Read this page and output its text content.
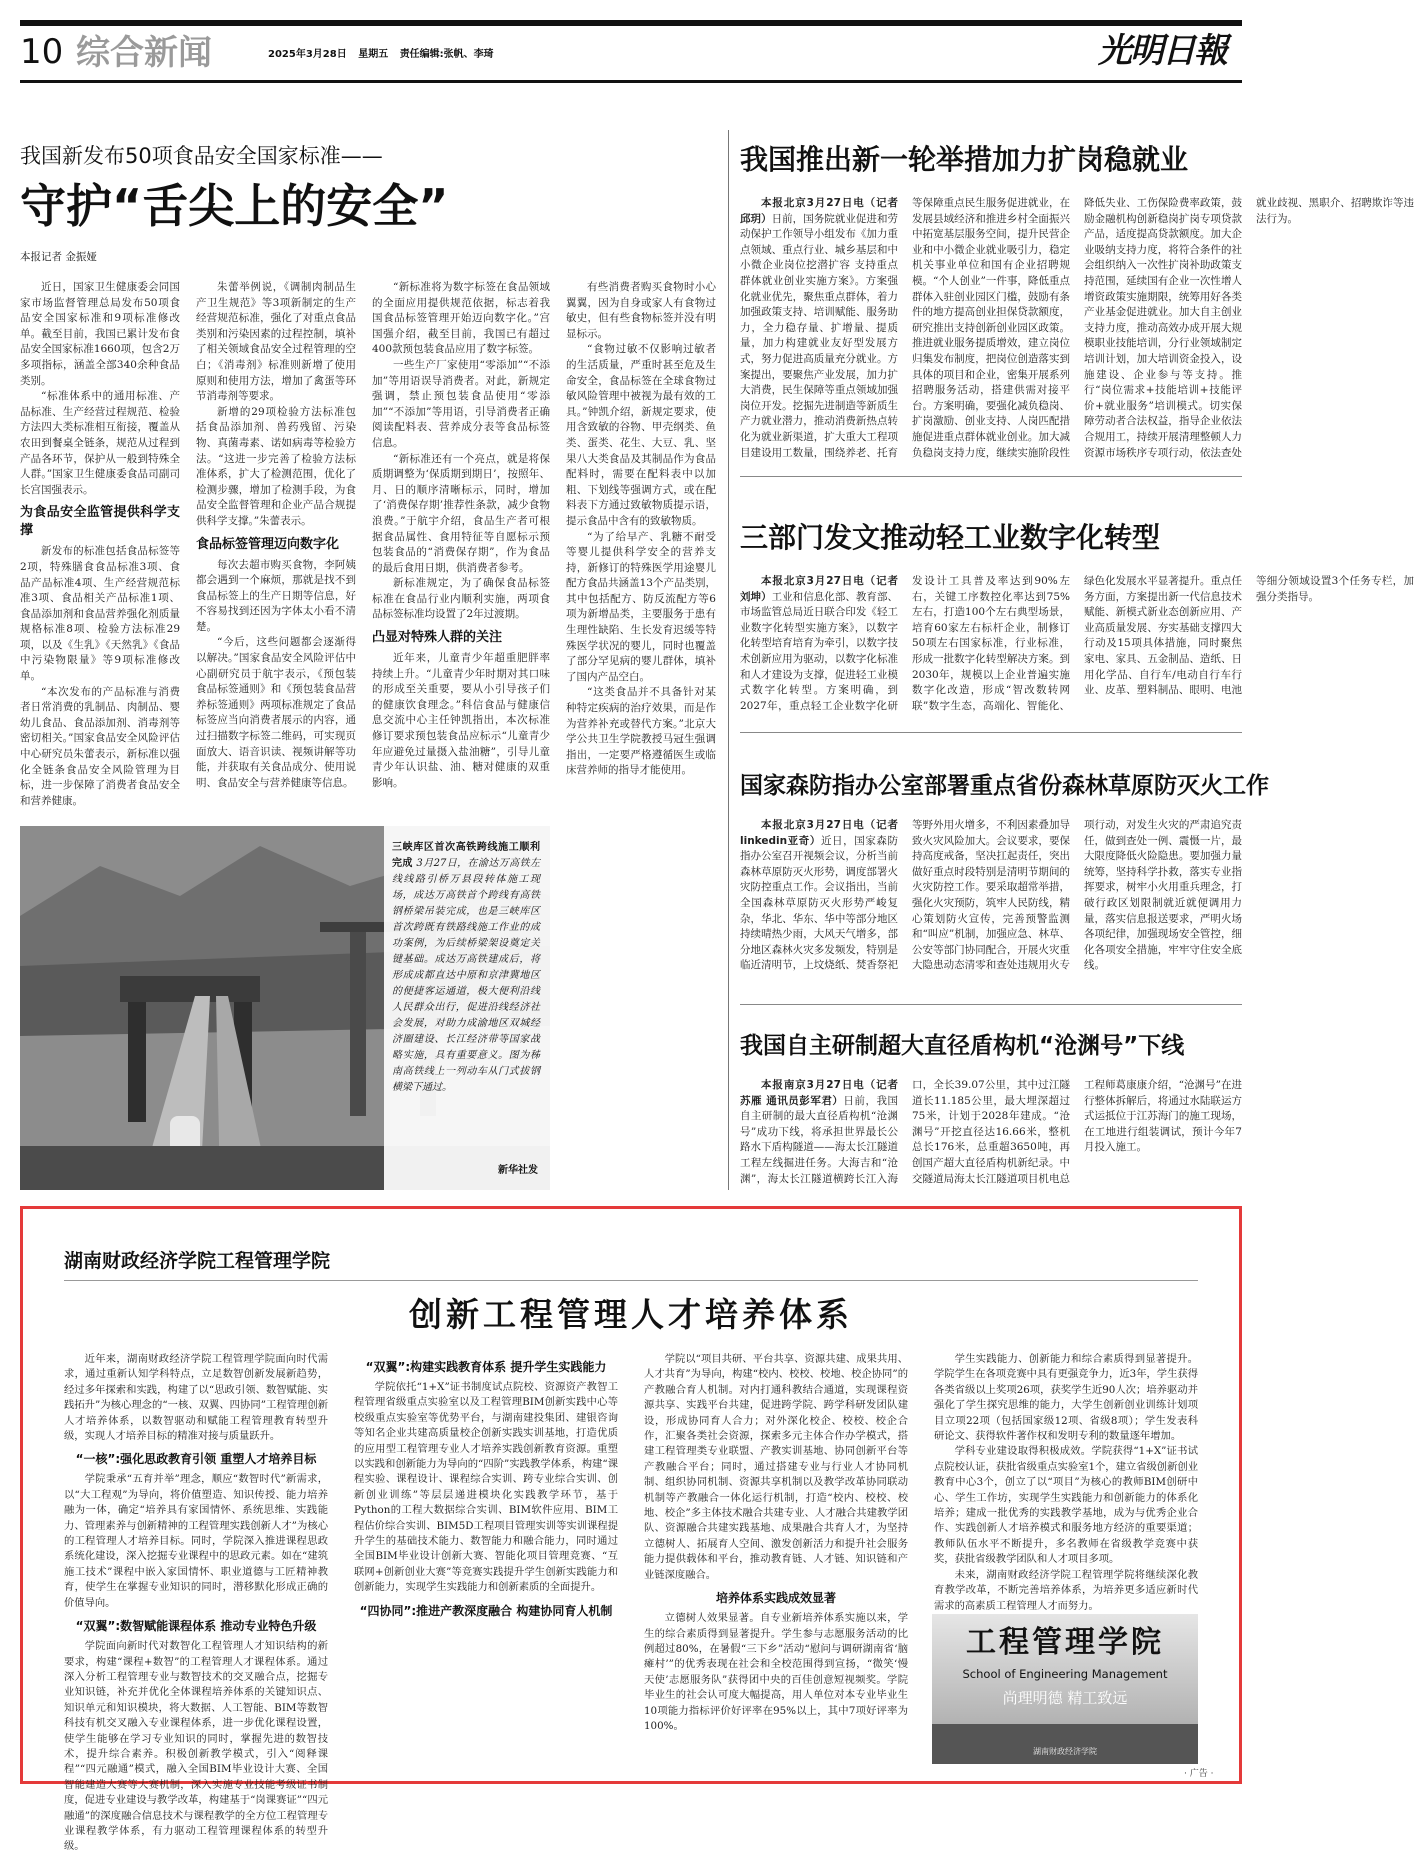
10 综合新闻	2025年3月28日 星期五 责任编辑:张帆、李琦	光明日報
我国新发布50项食品安全国家标准——
守护“舌尖上的安全”
本报记者 金振娅

近日，国家卫生健康委会同国家市场监督管理总局发布50项食品安全国家标准和9项标准修改单。截至目前，我国已累计发布食品安全国家标准1660项，包含2万多项指标，涵盖全部340余种食品类别。

“标准体系中的通用标准、产品标准、生产经营过程规范、检验方法四大类标准相互衔接，覆盖从农田到餐桌全链条，规范从过程到产品各环节，保护从一般到特殊全人群。”国家卫生健康委食品司副司长宫国强表示。

为食品安全监管提供科学支撑

新发布的标准包括食品标签等2项，特殊膳食食品标准3项、食品产品标准4项、生产经营规范标准3项、食品相关产品标准1项、食品添加剂和食品营养强化剂质量规格标准8项、检验方法标准29项，以及《生乳》《天然乳》《食品中污染物限量》等9项标准修改单。

“本次发布的产品标准与消费者日常消费的乳制品、肉制品、婴幼儿食品、食品添加剂、消毒剂等密切相关。”国家食品安全风险评估中心研究员朱蕾表示，新标准以强化全链条食品安全风险管理为目标，进一步保障了消费者食品安全和营养健康。

朱蕾举例说，《调制肉制品生产卫生规范》等3项新制定的生产经营规范标准，强化了对重点食品类别和污染因素的过程控制，填补了相关领域食品安全过程管理的空白；《消毒剂》标准则新增了使用原则和使用方法，增加了禽蛋等环节消毒剂等要求。

新增的29项检验方法标准包括食品添加剂、兽药残留、污染物、真菌毒素、诺如病毒等检验方法。“这进一步完善了检验方法标准体系，扩大了检测范围，优化了检测步骤，增加了检测手段，为食品安全监督管理和企业产品合规提供科学支撑。”朱蕾表示。

食品标签管理迈向数字化

每次去超市购买食物，李阿姨都会遇到一个麻烦，那就是找不到食品标签上的生产日期等信息，好不容易找到还因为字体太小看不清楚。

“今后，这些问题都会逐渐得以解决。”国家食品安全风险评估中心副研究员于航宇表示，《预包装食品标签通则》和《预包装食品营养标签通则》两项标准规定了食品标签应当向消费者展示的内容，通过扫描数字标签二维码，可实现页面放大、语音识读、视频讲解等功能，并获取有关食品成分、使用说明、食品安全与营养健康等信息。

“新标准将为数字标签在食品领域的全面应用提供规范依据，标志着我国食品标签管理开始迈向数字化。”宫国强介绍，截至目前，我国已有超过400款预包装食品应用了数字标签。

一些生产厂家使用“零添加”“不添加”等用语误导消费者。对此，新规定强调，禁止预包装食品使用“零添加”“不添加”等用语，引导消费者正确阅读配料表、营养成分表等食品标签信息。

“新标准还有一个亮点，就是将保质期调整为‘保质期到期日’，按照年、月、日的顺序清晰标示，同时，增加了‘消费保存期’推荐性条款，减少食物浪费。”于航宇介绍，食品生产者可根据食品属性、食用特征等自愿标示预包装食品的“消费保存期”，作为食品的最后食用日期，供消费者参考。

新标准规定，为了确保食品标签标准在食品行业内顺利实施，两项食品标签标准均设置了2年过渡期。

凸显对特殊人群的关注

近年来，儿童青少年超重肥胖率持续上升。“儿童青少年时期对其口味的形成至关重要，要从小引导孩子们的健康饮食理念。”科信食品与健康信息交流中心主任钟凯指出，本次标准修订要求预包装食品应标示“儿童青少年应避免过量摄入盐油糖”，引导儿童青少年认识盐、油、糖对健康的双重影响。

有些消费者购买食物时小心翼翼，因为自身或家人有食物过敏史，但有些食物标签并没有明显标示。

“食物过敏不仅影响过敏者的生活质量，严重时甚至危及生命安全，食品标签在全球食物过敏风险管理中被视为最有效的工具。”钟凯介绍，新规定要求，使用含致敏的谷物、甲壳纲类、鱼类、蛋类、花生、大豆、乳、坚果八大类食品及其制品作为食品配料时，需要在配料表中以加粗、下划线等强调方式，或在配料表下方通过致敏物质提示语，提示食品中含有的致敏物质。

“为了给早产、乳糖不耐受等婴儿提供科学安全的营养支持，新修订的特殊医学用途婴儿配方食品共涵盖13个产品类别，其中包括配方、防反流配方等6项为新增品类，主要服务于患有生理性缺陷、生长发育迟缓等特殊医学状况的婴儿，同时也覆盖了部分罕见病的婴儿群体，填补了国内产品空白。

“这类食品并不具备针对某种特定疾病的治疗效果，而是作为营养补充或替代方案。”北京大学公共卫生学院教授马冠生强调指出，一定要严格遵循医生或临床营养师的指导才能使用。

三峡库区首次高铁跨线施工顺利完成 3月27日，在渝达万高铁左线线路引桥万县段转体施工现场，成达万高铁首个跨线有高铁钢桥梁吊装完成，也是三峡库区首次跨既有铁路线施工作业的成功案例，为后续桥梁架设奠定关键基础。成达万高铁建成后，将形成成都直达中原和京津冀地区的便捷客运通道，极大便利沿线人民群众出行，促进沿线经济社会发展，对助力成渝地区双城经济圈建设、长江经济带等国家战略实施，具有重要意义。图为秭南高铁线上一列动车从门式拔钢横梁下通过。
新华社发
我国推出新一轮举措加力扩岗稳就业

本报北京3月27日电（记者邱玥）日前，国务院就业促进和劳动保护工作领导小组发布《加力重点领域、重点行业、城乡基层和中小微企业岗位挖潜扩容 支持重点群体就业创业实施方案》。方案强化就业优先，聚焦重点群体，着力加强政策支持、培训赋能、服务助力，全力稳存量、扩增量、提质量，加力构建就业友好型发展方式，努力促进高质量充分就业。方案提出，要聚焦产业发展，加力扩大消费，民生保障等重点领域加强岗位开发。挖掘先进制造等新质生产力就业潜力，推动消费新热点转化为就业新渠道，扩大重大工程项目建设用工数量，围绕养老、托育等保障重点民生服务促进就业，在发展县域经济和推进乡村全面振兴中拓宽基层服务空间，提升民营企业和中小微企业就业吸引力，稳定机关事业单位和国有企业招聘规模。“个人创业”一件事，降低重点群体入驻创业园区门槛，鼓励有条件的地方提高创业担保贷款额度，研究推出支持创新创业园区政策。推进就业服务提质增效，建立岗位归集发布制度，把岗位创造落实到具体的项目和企业，密集开展系列招聘服务活动，搭建供需对接平台。方案明确，要强化减负稳岗、扩岗激励、创业支持、人岗匹配措施促进重点群体就业创业。加大减负稳岗支持力度，继续实施阶段性降低失业、工伤保险费率政策，鼓励金融机构创新稳岗扩岗专项贷款产品，适度提高贷款额度。加大企业吸纳支持力度，将符合条件的社会组织纳入一次性扩岗补助政策支持范围，延续国有企业一次性增人增资政策实施期限，统筹用好各类产业基金促进就业。加大自主创业支持力度，推动高效办成开展大规模职业技能培训，分行业领域制定培训计划，加大培训资金投入，设施建设、企业参与等支持。推行“岗位需求+技能培训+技能评价+就业服务”培训模式。切实保障劳动者合法权益，指导企业依法合规用工，持续开展清理整顿人力资源市场秩序专项行动，依法查处就业歧视、黑职介、招聘欺诈等违法行为。

三部门发文推动轻工业数字化转型

本报北京3月27日电（记者刘坤）工业和信息化部、教育部、市场监管总局近日联合印发《轻工业数字化转型实施方案》，以数字化转型培育培育为牵引，以数字技术创新应用为驱动，以数字化标准和人才建设为支撑，促进轻工业模式数字化转型。方案明确，到2027年，重点轻工企业数字化研发设计工具普及率达到90%左右，关键工序数控化率达到75%左右，打造100个左右典型场景，培育60家左右标杆企业，制修订50项左右国家标准，行业标准，形成一批数字化转型解决方案。到2030年，规模以上企业普遍实施数字化改造，形成“智改数转网联”数字生态，高端化、智能化、绿色化发展水平显著提升。重点任务方面，方案提出新一代信息技术赋能、新模式新业态创新应用、产业高质量发展、夯实基础支撑四大行动及15项具体措施，同时聚焦家电、家具、五金制品、造纸、日用化学品、自行车/电动自行车行业、皮革、塑料制品、眼明、电池等细分领域设置3个任务专栏，加强分类指导。

国家森防指办公室部署重点省份森林草原防灭火工作

本报北京3月27日电（记者linkedin亚奇）近日，国家森防指办公室召开视频会议，分析当前森林草原防灭火形势，调度部署火灾防控重点工作。会议指出，当前全国森林草原防灭火形势严峻复杂，华北、华东、华中等部分地区持续晴热少雨，大风天气增多，部分地区森林火灾多发频发，特别是临近清明节，上坟烧纸、焚香祭祀等野外用火增多，不利因素叠加导致火灾风险加大。会议要求，要保持高度戒备，坚决扛起责任，突出做好重点时段特别是清明节期间的火灾防控工作。要采取超常举措，强化火灾预防，筑牢人民防线，精心策划防火宣传，完善预警监测和“叫应”机制，加强应急、林草、公安等部门协同配合，开展火灾重大隐患动态清零和查处违规用火专项行动，对发生火灾的严肃追究责任，做到查处一例、震慑一片，最大限度降低火险隐患。要加强力量统筹，坚持科学扑救，落实专业指挥要求，树牢小火用重兵理念，打破行政区划限制就近就便调用力量，落实信息报送要求，严明火场各项纪律，加强现场安全管控，细化各项安全措施，牢牢守住安全底线。

我国自主研制超大直径盾构机“沧渊号”下线

本报南京3月27日电（记者苏雁 通讯员彭军君）日前，我国自主研制的最大直径盾构机“沧渊号”成功下线，将承担世界最长公路水下盾构隧道——海太长江隧道工程左线掘进任务。大海吉和“沧渊”，海太长江隧道横跨长江入海口，全长39.07公里，其中过江隧道长11.185公里，最大埋深超过75米，计划于2028年建成。“沧渊号”开挖直径达16.66米，整机总长176米，总重超3650吨，再创国产超大直径盾构机新纪录。中交隧道局海太长江隧道项目机电总工程师葛康康介绍，“沧渊号”在进行整体拆解后，将通过水陆联运方式运抵位于江苏海门的施工现场，在工地进行组装调试，预计今年7月投入施工。

湖南财政经济学院工程管理学院
创新工程管理人才培养体系

近年来，湖南财政经济学院工程管理学院面向时代需求，通过重新认知学科特点，立足数智创新发展新趋势，经过多年探索和实践，构建了以“思政引领、数智赋能、实践拓升”为核心理念的“一核、双翼、四协同”工程管理创新人才培养体系，以数智驱动和赋能工程管理教育转型升级，实现人才培养目标的精准对接与质量跃升。

“一核”:强化思政教育引领 重塑人才培养目标

学院秉承“五育并举”理念，顺应“数智时代”新需求，以“大工程观”为导向，将价值塑造、知识传授、能力培养融为一体，确定“培养具有家国情怀、系统思维、实践能力、管理素养与创新精神的工程管理实践创新人才”为核心的工程管理人才培养目标。同时，学院深入推进课程思政系统化建设，深入挖掘专业课程中的思政元素。如在“建筑施工技术”课程中嵌入家国情怀、职业道德与工匠精神教育，使学生在掌握专业知识的同时，潜移默化形成正确的价值导向。

“双翼”:数智赋能课程体系 推动专业特色升级

学院面向新时代对数智化工程管理人才知识结构的新要求，构建“课程+数智”的工程管理人才课程体系。通过深入分析工程管理专业与数智技术的交叉融合点，挖掘专业知识链，补充并优化全体课程培养体系的关键知识点、知识单元和知识模块，将大数据、人工智能、BIM等数智科技有机交叉融入专业课程体系，进一步优化课程设置，使学生能够在学习专业知识的同时，掌握先进的数智技术，提升综合素养。积极创新教学模式，引入“阅释课程”“四元融通”模式，融入全国BIM毕业设计大赛、全国智能建造大赛等大赛机制，深入实施专业技能考级证书制度，促进专业建设与教学改革，构建基于“岗课赛证”“四元融通”的深度融合信息技术与课程教学的全方位工程管理专业课程教学体系，有力驱动工程管理课程体系的转型升级。

“双翼”:构建实践教育体系 提升学生实践能力

学院依托“1+X”证书制度试点院校、资源资产教智工程管理省级重点实验室以及工程管理BIM创新实践中心等校级重点实验室等优势平台，与湖南建投集团、建银咨询等知名企业共建高质量校企创新实践实训基地，打造优质的应用型工程管理专业人才培养实践创新教育资源。重塑以实践和创新能力为导向的“四阶”实践教学体系，构建“课程实验、课程设计、课程综合实训、跨专业综合实训、创新创业训练”等层层递进模块化实践教学环节，基于Python的工程大数据综合实训、BIM软件应用、BIM工程估价综合实训、BIM5D工程项目管理实训等实训课程提升学生的基础技术能力、数智能力和融合能力，同时通过全国BIM毕业设计创新大赛、智能化项目管理竞赛、“互联网+创新创业大赛”等竞赛实践提升学生创新实践能力和创新能力，实现学生实践能力和创新素质的全面提升。

“四协同”:推进产教深度融合 构建协同育人机制

学院以“项目共研、平台共享、资源共建、成果共用、人才共育”为导向，构建“校内、校校、校地、校企协同”的产教融合育人机制。对内打通科教结合通道，实现课程资源共享、实践平台共建，促进跨学院、跨学科研发团队建设，形成协同育人合力；对外深化校企、校校、校企合作，汇聚各类社会资源，探索多元主体合作办学模式，搭建工程管理类专业联盟、产教实训基地、协同创新平台等产教融合平台；同时，通过搭建专业与行业人才协同机制、组织协同机制、资源共享机制以及教学改革协同联动机制等产教融合一体化运行机制，打造“校内、校校、校地、校企”多主体技术融合共建专业、人才融合共建教学团队、资源融合共建实践基地、成果融合共育人才，为坚持立德树人、拓展育人空间、激发创新活力和提升社会服务能力提供载体和平台，推动教育链、人才链、知识链和产业链深度融合。

培养体系实践成效显著

立德树人效果显著。自专业新培养体系实施以来，学生的综合素质得到显著提升。学生参与志愿服务活动的比例超过80%，在暑假“三下乡”活动“慰问与调研湖南省‘脑瘫村’”的优秀表现在社会和全校范围得到宣扬，“微笑‘慢天使’志愿服务队”获得团中央的百佳创意短视频奖。学院毕业生的社会认可度大幅提高，用人单位对本专业毕业生10项能力指标评价好评率在95%以上，其中7项好评率为100%。

学生实践能力、创新能力和综合素质得到显著提升。学院学生在各项竞赛中具有更强竞争力，近3年，学生获得各类省级以上奖项26项，获奖学生近90人次；培养驱动并强化了学生探究思维的能力，大学生创新创业训练计划项目立项22项（包括国家级12项、省级8项）；学生发表科研论文、获得软件著作权和发明专利的数量逐年增加。

学科专业建设取得积极成效。学院获得“1+X”证书试点院校认证，获批省级重点实验室1个，建立省级创新创业教育中心3个，创立了以“项目”为核心的教师BIM创研中心、学生工作坊，实现学生实践能力和创新能力的体系化培养；建成一批优秀的实践教学基地，成为与优秀企业合作、实践创新人才培养模式和服务地方经济的重要渠道；教师队伍水平不断提升，多名教师在省级教学竞赛中获奖，获批省级教学团队和人才项目多项。

未来，湖南财政经济学院工程管理学院将继续深化教育教学改革，不断完善培养体系，为培养更多适应新时代需求的高素质工程管理人才而努力。

工程管理学院
School of Engineering Management
尚理明德 精工致远
湖南财政经济学院
· 广告 ·
